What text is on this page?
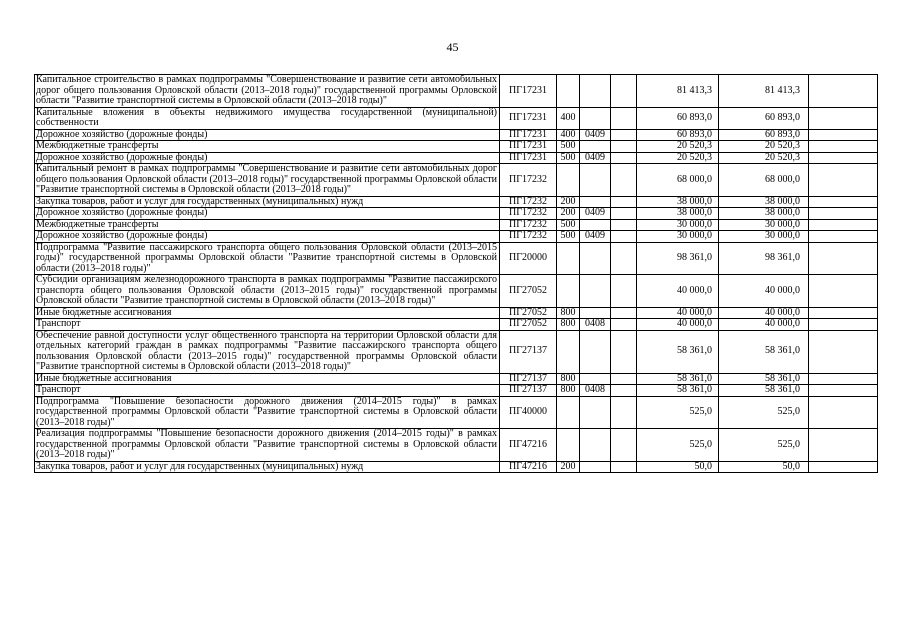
45
Капитальное строительство в рамках подпрограммы "Совершенствование и развитие сети автомобильных дорог общего пользования Орловской области (2013–2018 годы)" государственной программы Орловской области "Развитие транспортной системы в Орловской области (2013–2018 годы)"	ПГ17231				81 413,3	81 413,3	
Капитальные вложения в объекты недвижимого имущества государственной (муниципальной) собственности	ПГ17231	400			60 893,0	60 893,0	
Дорожное хозяйство (дорожные фонды)	ПГ17231	400	0409		60 893,0	60 893,0	
Межбюджетные трансферты	ПГ17231	500			20 520,3	20 520,3	
Дорожное хозяйство (дорожные фонды)	ПГ17231	500	0409		20 520,3	20 520,3	
Капитальный ремонт в рамках подпрограммы "Совершенствование и развитие сети автомобильных дорог общего пользования Орловской области (2013–2018 годы)" государственной программы Орловской области "Развитие транспортной системы в Орловской области (2013–2018 годы)"	ПГ17232				68 000,0	68 000,0	
Закупка товаров, работ и услуг для государственных (муниципальных) нужд	ПГ17232	200			38 000,0	38 000,0	
Дорожное хозяйство (дорожные фонды)	ПГ17232	200	0409		38 000,0	38 000,0	
Межбюджетные трансферты	ПГ17232	500			30 000,0	30 000,0	
Дорожное хозяйство (дорожные фонды)	ПГ17232	500	0409		30 000,0	30 000,0	
Подпрограмма "Развитие пассажирского транспорта общего пользования Орловской области (2013–2015 годы)" государственной программы Орловской области "Развитие транспортной системы в Орловской области (2013–2018 годы)"	ПГ20000				98 361,0	98 361,0	
Субсидии организациям железнодорожного транспорта в рамках подпрограммы "Развитие пассажирского транспорта общего пользования Орловской области (2013–2015 годы)" государственной программы Орловской области "Развитие транспортной системы в Орловской области (2013–2018 годы)"	ПГ27052				40 000,0	40 000,0	
Иные бюджетные ассигнования	ПГ27052	800			40 000,0	40 000,0	
Транспорт	ПГ27052	800	0408		40 000,0	40 000,0	
Обеспечение равной доступности услуг общественного транспорта на территории Орловской области для отдельных категорий граждан в рамках подпрограммы "Развитие пассажирского транспорта общего пользования Орловской области (2013–2015 годы)" государственной программы Орловской области "Развитие транспортной системы в Орловской области (2013–2018 годы)"	ПГ27137				58 361,0	58 361,0	
Иные бюджетные ассигнования	ПГ27137	800			58 361,0	58 361,0	
Транспорт	ПГ27137	800	0408		58 361,0	58 361,0	
Подпрограмма "Повышение безопасности дорожного движения (2014–2015 годы)" в рамках государственной программы Орловской области "Развитие транспортной системы в Орловской области (2013–2018 годы)"	ПГ40000				525,0	525,0	
Реализация подпрограммы "Повышение безопасности дорожного движения (2014–2015 годы)" в рамках государственной программы Орловской области "Развитие транспортной системы в Орловской области (2013–2018 годы)"	ПГ47216				525,0	525,0	
Закупка товаров, работ и услуг для государственных (муниципальных) нужд	ПГ47216	200			50,0	50,0	
